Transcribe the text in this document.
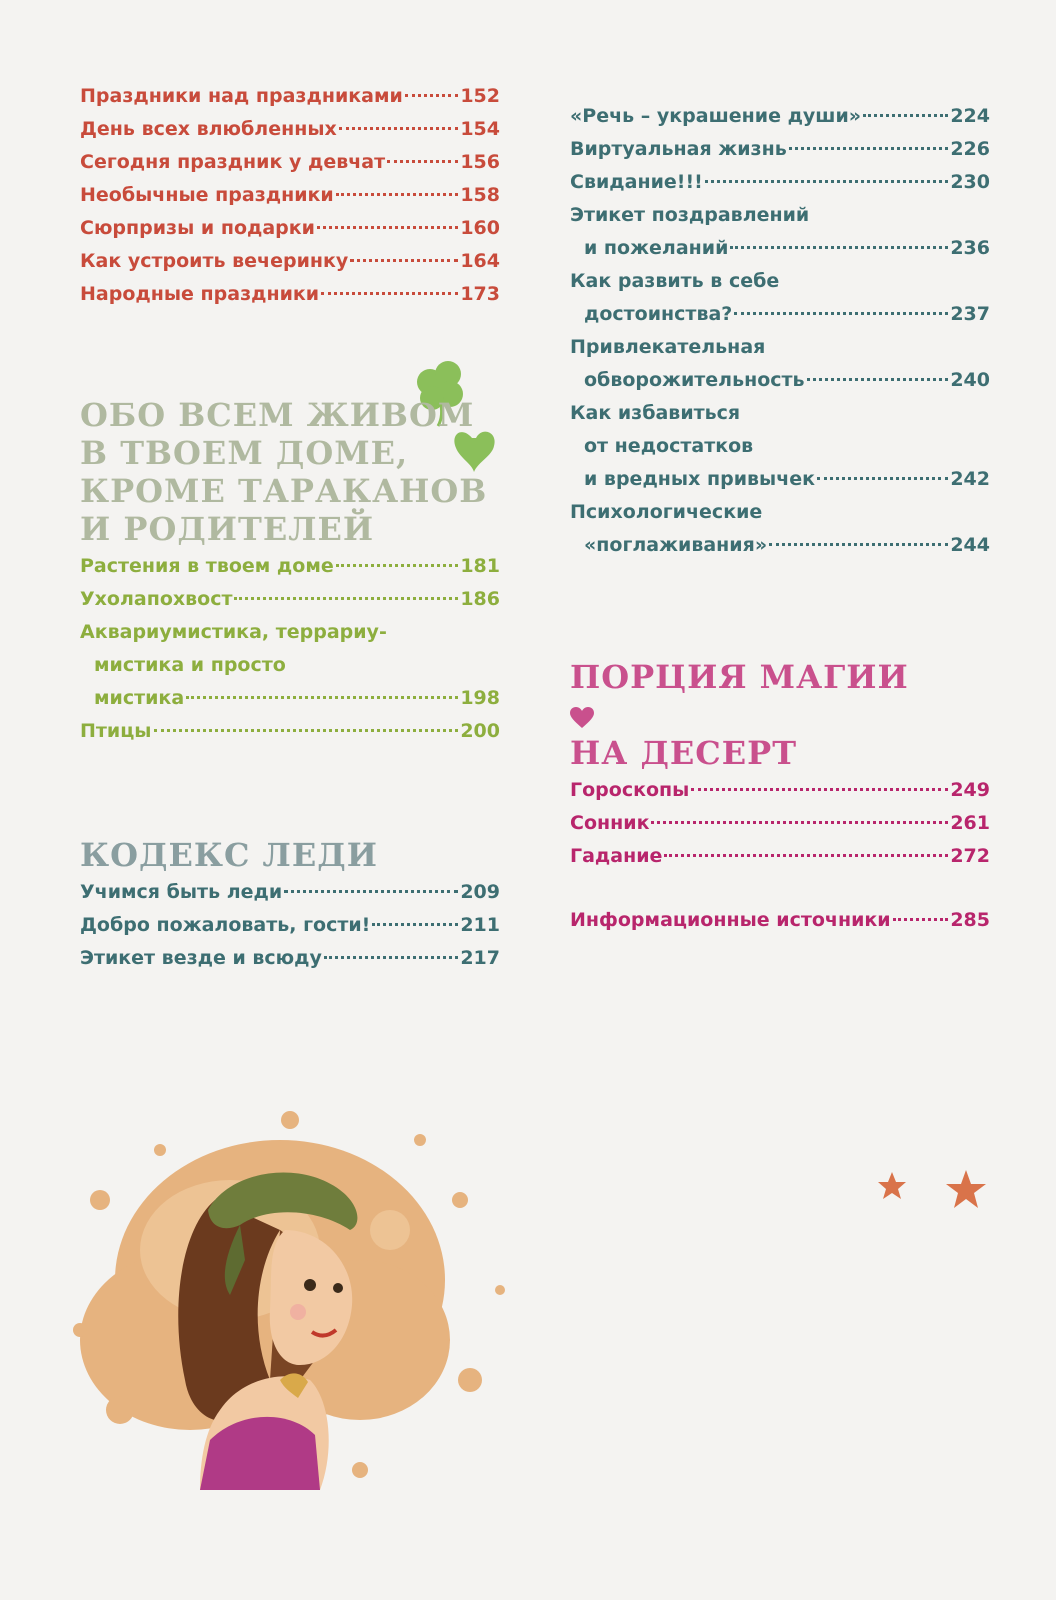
Праздники над праздниками	152
День всех влюбленных	154
Сегодня праздник у девчат	156
Необычные праздники	158
Сюрпризы и подарки	160
Как устроить вечеринку	164
Народные праздники	173
ОБО ВСЕМ ЖИВОМ
В ТВОЕМ ДОМЕ,
КРОМЕ ТАРАКАНОВ
И РОДИТЕЛЕЙ
Растения в твоем доме	181
Ухолапохвост	186
Аквариумистика, террариу-
мистика и просто
мистика	198
Птицы	200
КОДЕКС ЛЕДИ
Учимся быть леди	209
Добро пожаловать, гости!	211
Этикет везде и всюду	217
«Речь – украшение души»	224
Виртуальная жизнь	226
Свидание!!!	230
Этикет поздравлений
и пожеланий	236
Как развить в себе
достоинства?	237
Привлекательная
обворожительность	240
Как избавиться
от недостатков
и вредных привычек	242
Психологические
«поглаживания»	244
ПОРЦИЯ МАГИИ
НА ДЕСЕРТ
Гороскопы	249
Сонник	261
Гадание	272
Информационные источники	285
